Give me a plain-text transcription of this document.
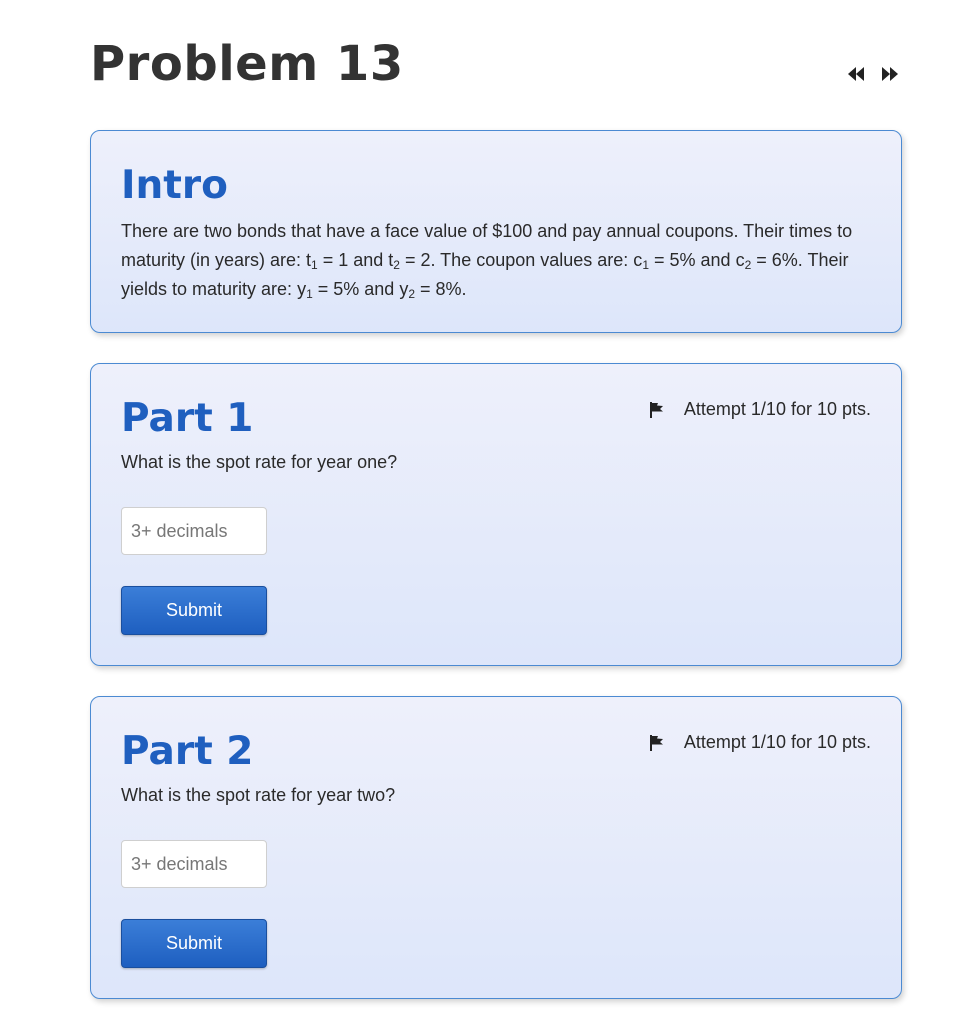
Problem 13
Intro
There are two bonds that have a face value of $100 and pay annual coupons. Their times to maturity (in years) are: $t_1 = 1$ and $t_2 = 2$. The coupon values are: $c_1 = 5\%$ and $c_2 = 6\%$. Their yields to maturity are: $y_1 = 5\%$ and $y_2 = 8\%$.
Part 1	Attempt 1/10 for 10 pts.
What is the spot rate for year one?
3+ decimals
Submit
Part 2	Attempt 1/10 for 10 pts.
What is the spot rate for year two?
3+ decimals
Submit
